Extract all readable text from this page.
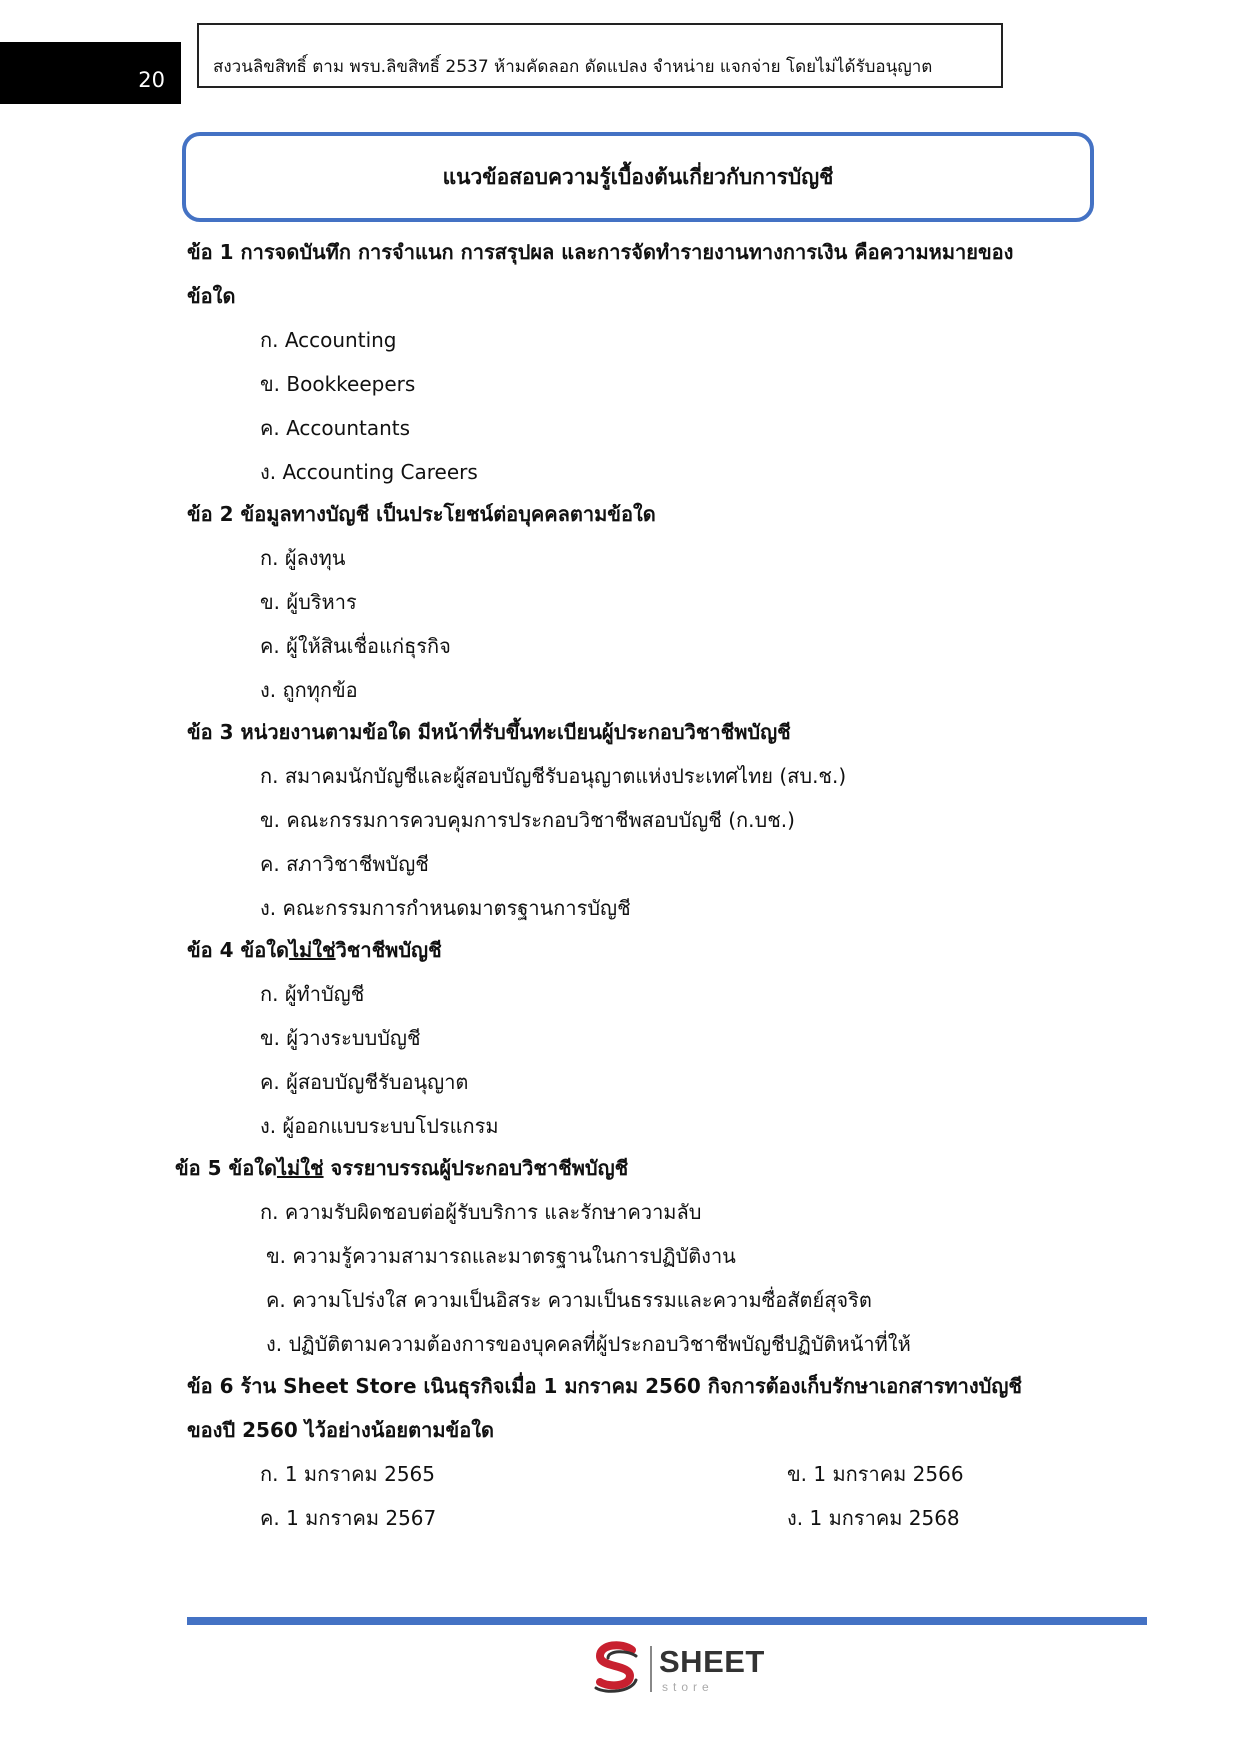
20
สงวนลิขสิทธิ์ ตาม พรบ.ลิขสิทธิ์ 2537 ห้ามคัดลอก ดัดแปลง จำหน่าย แจกจ่าย โดยไม่ได้รับอนุญาต
แนวข้อสอบความรู้เบื้องต้นเกี่ยวกับการบัญชี
ข้อ 1 การจดบันทึก การจำแนก การสรุปผล และการจัดทำรายงานทางการเงิน คือความหมายของ
ข้อใด
ก. Accounting
ข. Bookkeepers
ค. Accountants
ง. Accounting Careers
ข้อ 2 ข้อมูลทางบัญชี เป็นประโยชน์ต่อบุคคลตามข้อใด
ก. ผู้ลงทุน
ข. ผู้บริหาร
ค. ผู้ให้สินเชื่อแก่ธุรกิจ
ง. ถูกทุกข้อ
ข้อ 3 หน่วยงานตามข้อใด มีหน้าที่รับขึ้นทะเบียนผู้ประกอบวิชาชีพบัญชี
ก. สมาคมนักบัญชีและผู้สอบบัญชีรับอนุญาตแห่งประเทศไทย (สบ.ช.)
ข. คณะกรรมการควบคุมการประกอบวิชาชีพสอบบัญชี (ก.บช.)
ค. สภาวิชาชีพบัญชี
ง. คณะกรรมการกำหนดมาตรฐานการบัญชี
ข้อ 4 ข้อใดไม่ใช่วิชาชีพบัญชี
ก. ผู้ทำบัญชี
ข. ผู้วางระบบบัญชี
ค. ผู้สอบบัญชีรับอนุญาต
ง. ผู้ออกแบบระบบโปรแกรม
ข้อ 5 ข้อใดไม่ใช่ จรรยาบรรณผู้ประกอบวิชาชีพบัญชี
ก. ความรับผิดชอบต่อผู้รับบริการ และรักษาความลับ
ข. ความรู้ความสามารถและมาตรฐานในการปฏิบัติงาน
ค. ความโปร่งใส ความเป็นอิสระ ความเป็นธรรมและความซื่อสัตย์สุจริต
ง. ปฏิบัติตามความต้องการของบุคคลที่ผู้ประกอบวิชาชีพบัญชีปฏิบัติหน้าที่ให้
ข้อ 6 ร้าน Sheet Store เนินธุรกิจเมื่อ 1 มกราคม 2560 กิจการต้องเก็บรักษาเอกสารทางบัญชี
ของปี 2560 ไว้อย่างน้อยตามข้อใด
ก. 1 มกราคม 2565	ข. 1 มกราคม 2566
ค. 1 มกราคม 2567	ง. 1 มกราคม 2568
SHEET
store
